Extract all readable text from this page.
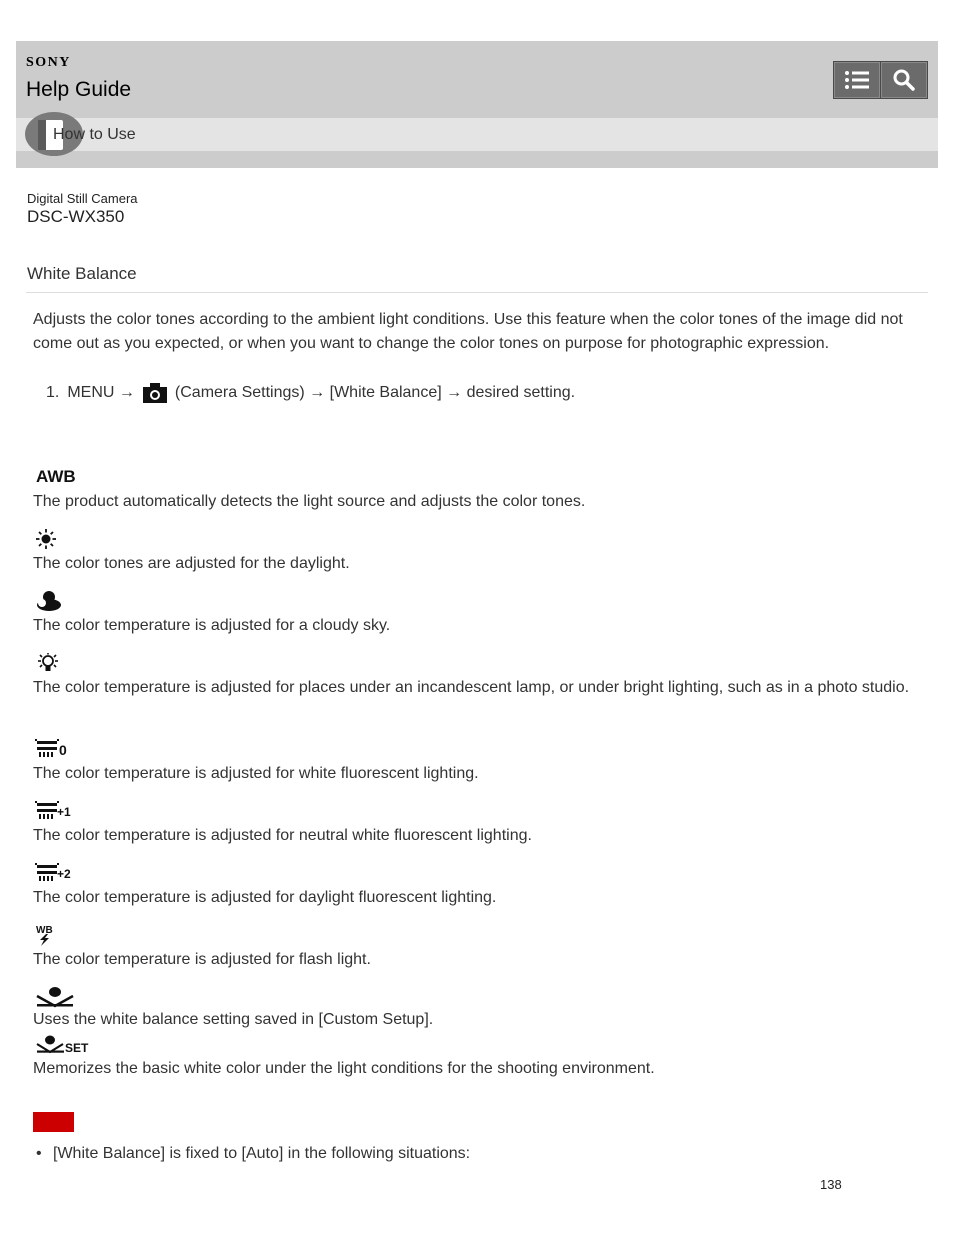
SONY
Help Guide
How to Use
Digital Still Camera
DSC-WX350
White Balance
Adjusts the color tones according to the ambient light conditions. Use this feature when the color tones of the image did not come out as you expected, or when you want to change the color tones on purpose for photographic expression.
1. MENU →	(Camera Settings) → [White Balance] → desired setting.
AWB
The product automatically detects the light source and adjusts the color tones.
The color tones are adjusted for the daylight.
The color temperature is adjusted for a cloudy sky.
The color temperature is adjusted for places under an incandescent lamp, or under bright lighting, such as in a photo studio.
0
The color temperature is adjusted for white fluorescent lighting.
+1
The color temperature is adjusted for neutral white fluorescent lighting.
+2
The color temperature is adjusted for daylight fluorescent lighting.
WB
The color temperature is adjusted for flash light.
Uses the white balance setting saved in [Custom Setup].
SET
Memorizes the basic white color under the light conditions for the shooting environment.
• [White Balance] is fixed to [Auto] in the following situations:
138
